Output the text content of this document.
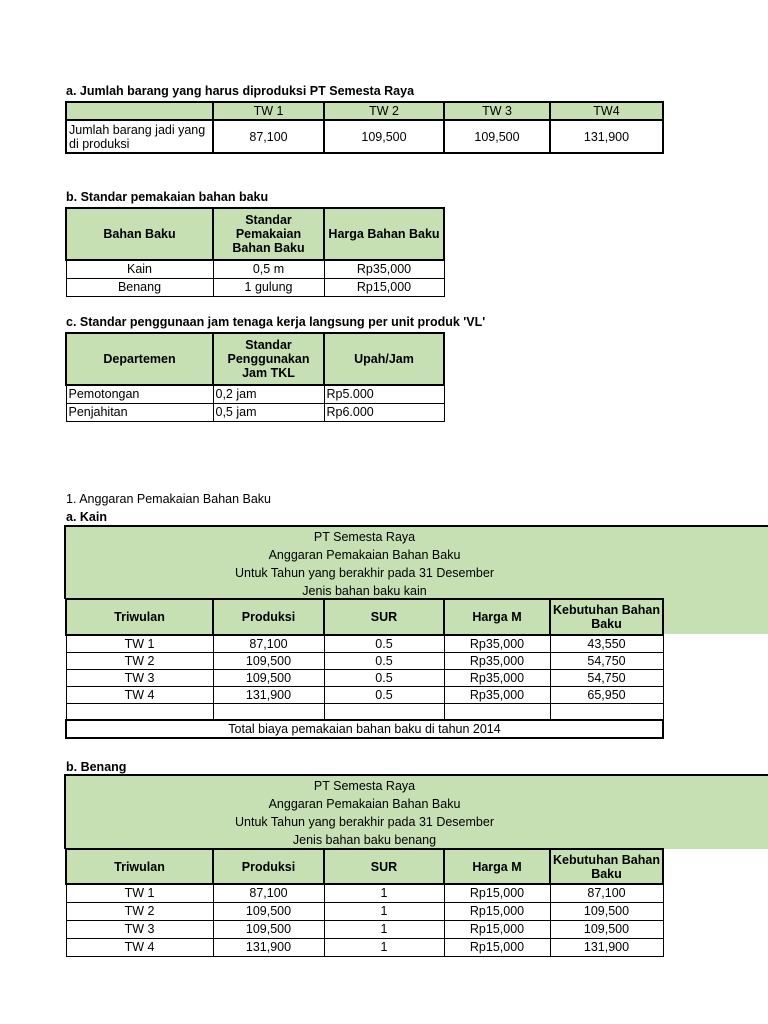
a. Jumlah barang yang harus diproduksi PT Semesta Raya
	TW 1	TW 2	TW 3	TW4
Jumlah barang jadi yang di produksi	87,100	109,500	109,500	131,900
b. Standar pemakaian bahan baku
Bahan Baku	Standar Pemakaian Bahan Baku	Harga Bahan Baku
Kain	0,5 m	Rp35,000
Benang	1 gulung	Rp15,000
c. Standar penggunaan jam tenaga kerja langsung per unit produk 'VL'
Departemen	Standar Penggunakan Jam TKL	Upah/Jam
Pemotongan	0,2 jam	Rp5.000
Penjahitan	0,5 jam	Rp6.000
1. Anggaran Pemakaian Bahan Baku
a. Kain
PT Semesta Raya
Anggaran Pemakaian Bahan Baku
Untuk Tahun yang berakhir pada 31 Desember
Jenis bahan baku kain
Triwulan	Produksi	SUR	Harga M	Kebutuhan Bahan Baku
TW 1	87,100	0.5	Rp35,000	43,550
TW 2	109,500	0.5	Rp35,000	54,750
TW 3	109,500	0.5	Rp35,000	54,750
TW 4	131,900	0.5	Rp35,000	65,950

Total biaya pemakaian bahan baku di tahun 2014				
b. Benang
PT Semesta Raya
Anggaran Pemakaian Bahan Baku
Untuk Tahun yang berakhir pada 31 Desember
Jenis bahan baku benang
Triwulan	Produksi	SUR	Harga M	Kebutuhan Bahan Baku
TW 1	87,100	1	Rp15,000	87,100
TW 2	109,500	1	Rp15,000	109,500
TW 3	109,500	1	Rp15,000	109,500
TW 4	131,900	1	Rp15,000	131,900
